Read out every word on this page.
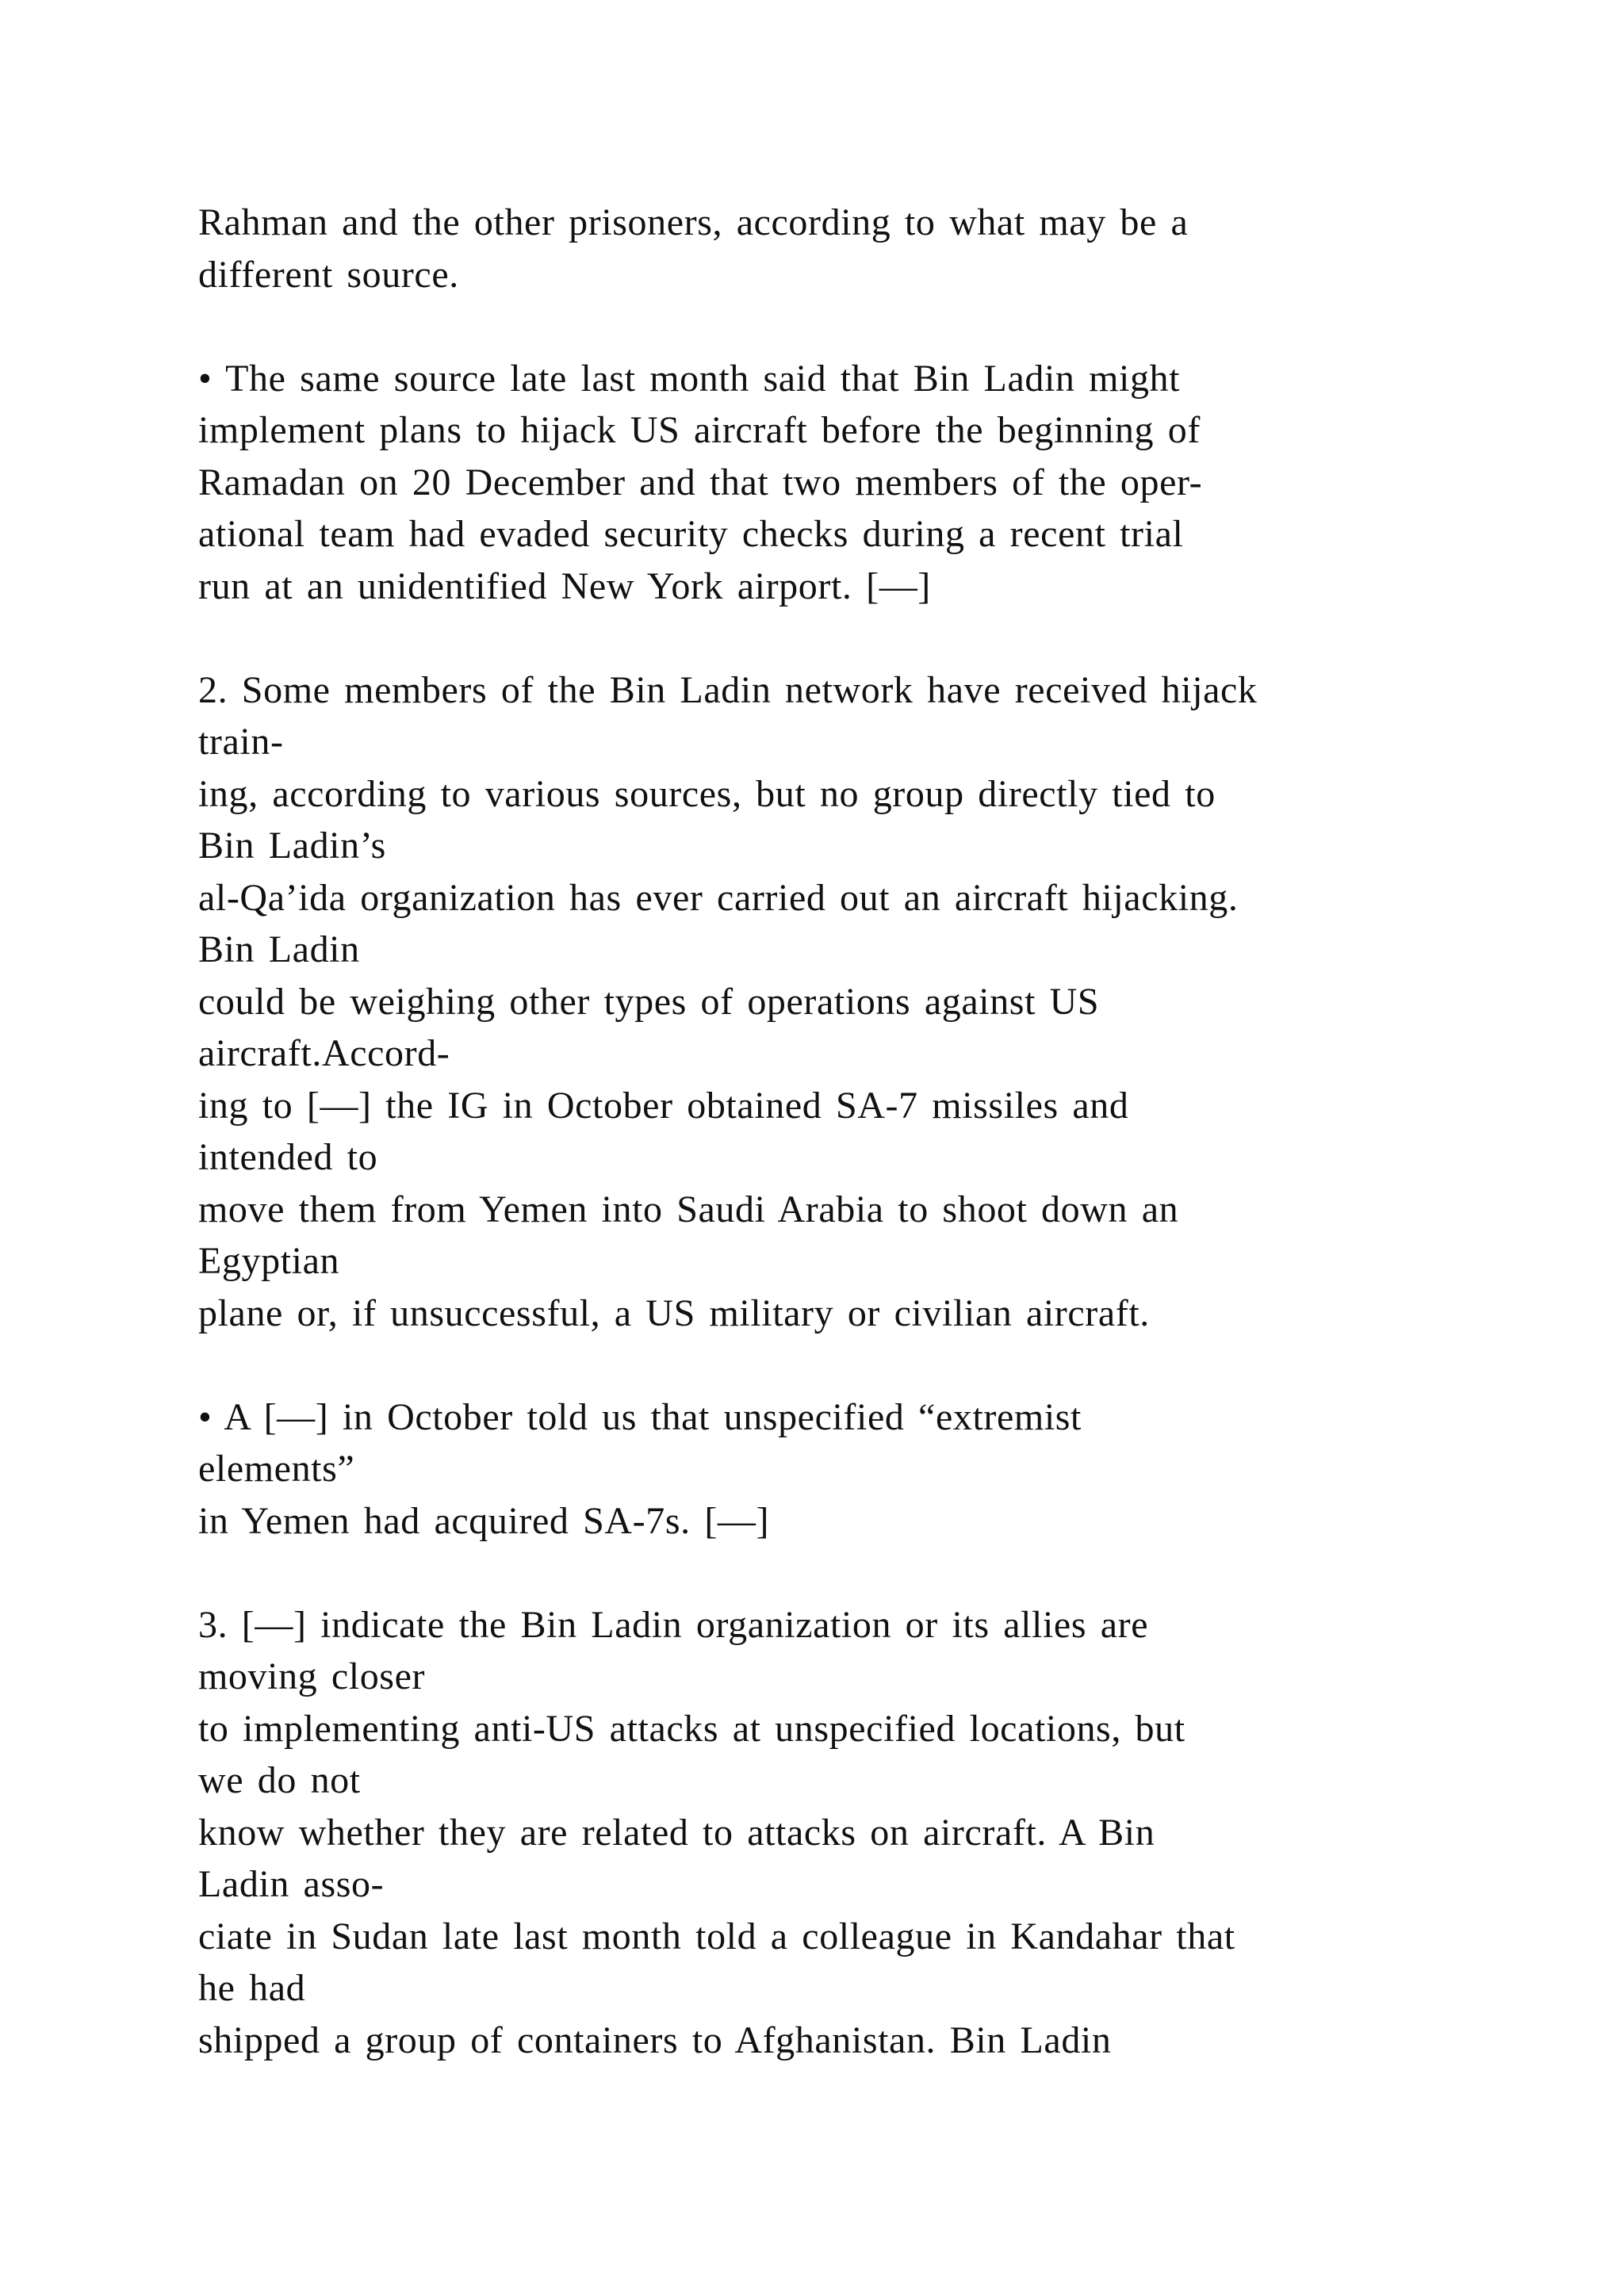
Rahman and the other prisoners, according to what may be a
different source.
• The same source late last month said that Bin Ladin might
implement plans to hijack US aircraft before the beginning of
Ramadan on 20 December and that two members of the oper-
ational team had evaded security checks during a recent trial
run at an unidentified New York airport. [—]
2. Some members of the Bin Ladin network have received hijack
train-
ing, according to various sources, but no group directly tied to
Bin Ladin’s
al-Qa’ida organization has ever carried out an aircraft hijacking.
Bin Ladin
could be weighing other types of operations against US
aircraft.Accord-
ing to [—] the IG in October obtained SA-7 missiles and
intended to
move them from Yemen into Saudi Arabia to shoot down an
Egyptian
plane or, if unsuccessful, a US military or civilian aircraft.
• A [—] in October told us that unspecified “extremist
elements”
in Yemen had acquired SA-7s. [—]
3. [—] indicate the Bin Ladin organization or its allies are
moving closer
to implementing anti-US attacks at unspecified locations, but
we do not
know whether they are related to attacks on aircraft. A Bin
Ladin asso-
ciate in Sudan late last month told a colleague in Kandahar that
he had
shipped a group of containers to Afghanistan. Bin Ladin
